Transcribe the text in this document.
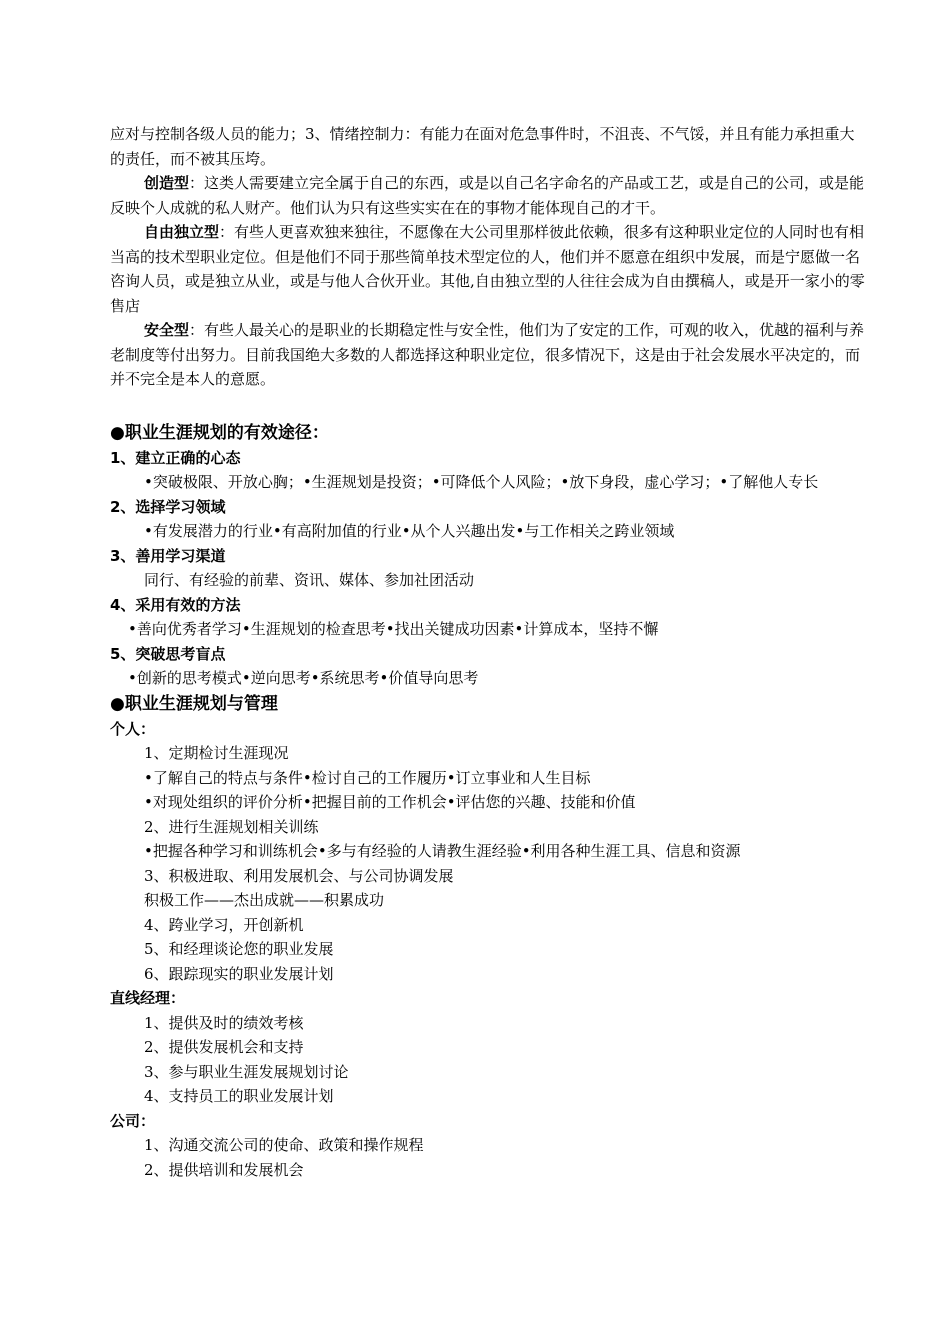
应对与控制各级人员的能力；3、情绪控制力：有能力在面对危急事件时，不沮丧、不气馁，并且有能力承担重大的责任，而不被其压垮。

创造型：这类人需要建立完全属于自己的东西，或是以自己名字命名的产品或工艺，或是自己的公司，或是能反映个人成就的私人财产。他们认为只有这些实实在在的事物才能体现自己的才干。

自由独立型：有些人更喜欢独来独往，不愿像在大公司里那样彼此依赖，很多有这种职业定位的人同时也有相当高的技术型职业定位。但是他们不同于那些简单技术型定位的人，他们并不愿意在组织中发展，而是宁愿做一名咨询人员，或是独立从业，或是与他人合伙开业。其他,自由独立型的人往往会成为自由撰稿人，或是开一家小的零售店

安全型：有些人最关心的是职业的长期稳定性与安全性，他们为了安定的工作，可观的收入，优越的福利与养老制度等付出努力。目前我国绝大多数的人都选择这种职业定位，很多情况下，这是由于社会发展水平决定的，而并不完全是本人的意愿。

●职业生涯规划的有效途径：

1、建立正确的心态

•突破极限、开放心胸；•生涯规划是投资；•可降低个人风险；•放下身段，虚心学习；•了解他人专长

2、选择学习领域

•有发展潜力的行业•有高附加值的行业•从个人兴趣出发•与工作相关之跨业领域

3、善用学习渠道

同行、有经验的前辈、资讯、媒体、参加社团活动

4、采用有效的方法

•善向优秀者学习•生涯规划的检查思考•找出关键成功因素•计算成本，坚持不懈

5、突破思考盲点

•创新的思考模式•逆向思考•系统思考•价值导向思考

●职业生涯规划与管理

个人：

1、定期检讨生涯现况

•了解自己的特点与条件•检讨自己的工作履历•订立事业和人生目标

•对现处组织的评价分析•把握目前的工作机会•评估您的兴趣、技能和价值

2、进行生涯规划相关训练

•把握各种学习和训练机会•多与有经验的人请教生涯经验•利用各种生涯工具、信息和资源

3、积极进取、利用发展机会、与公司协调发展

积极工作——杰出成就——积累成功

4、跨业学习，开创新机

5、和经理谈论您的职业发展

6、跟踪现实的职业发展计划

直线经理：

1、提供及时的绩效考核

2、提供发展机会和支持

3、参与职业生涯发展规划讨论

4、支持员工的职业发展计划

公司：

1、沟通交流公司的使命、政策和操作规程

2、提供培训和发展机会
